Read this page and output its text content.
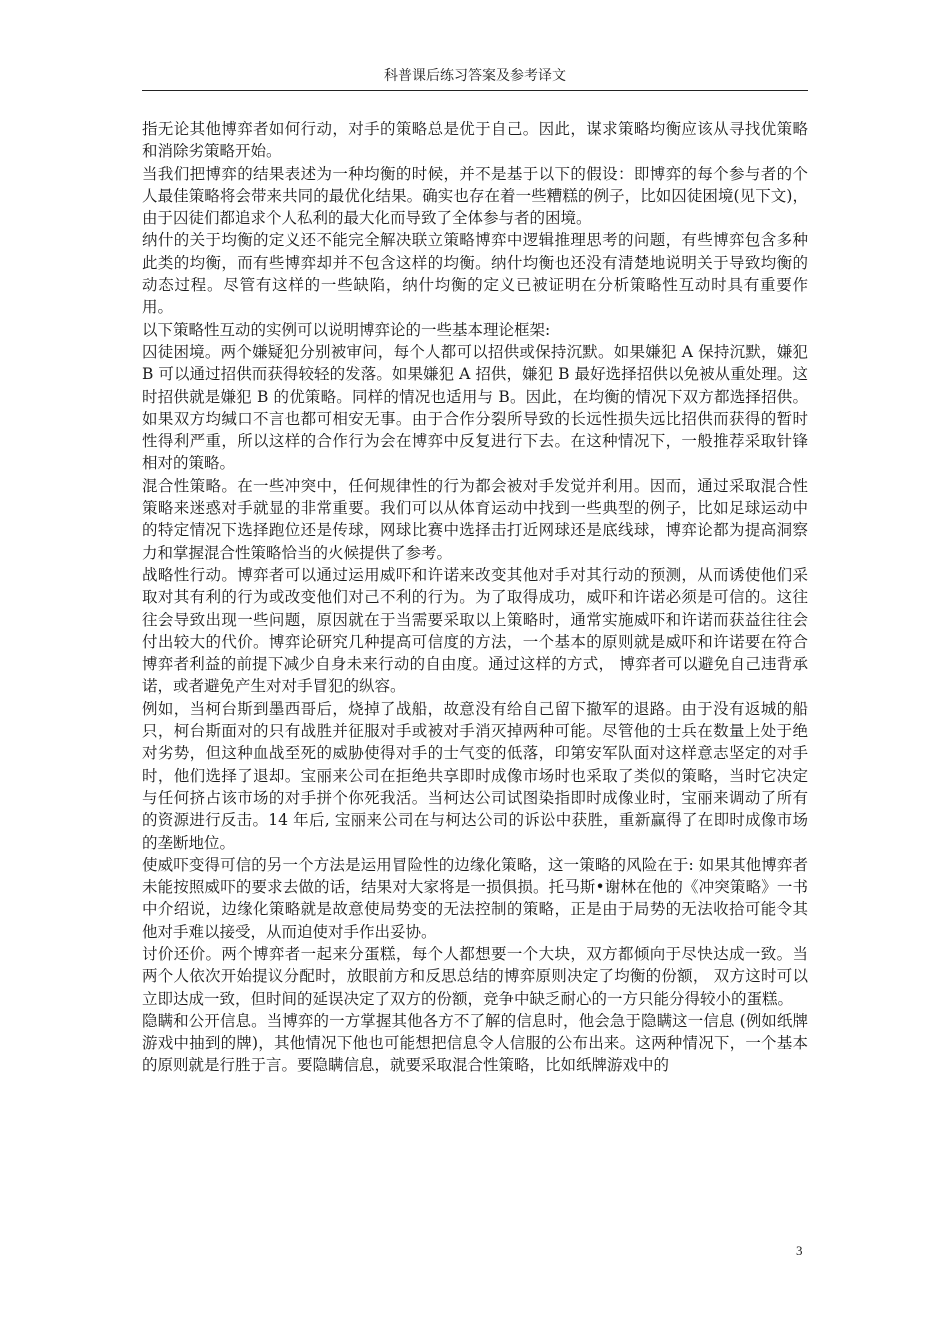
科普课后练习答案及参考译文

指无论其他博弈者如何行动，对手的策略总是优于自己。因此，谋求策略均衡应该从寻找优策略和消除劣策略开始。

当我们把博弈的结果表述为一种均衡的时候，并不是基于以下的假设：即博弈的每个参与者的个人最佳策略将会带来共同的最优化结果。确实也存在着一些糟糕的例子，比如囚徒困境(见下文)，由于囚徒们都追求个人私利的最大化而导致了全体参与者的困境。

纳什的关于均衡的定义还不能完全解决联立策略博弈中逻辑推理思考的问题，有些博弈包含多种此类的均衡，而有些博弈却并不包含这样的均衡。纳什均衡也还没有清楚地说明关于导致均衡的动态过程。尽管有这样的一些缺陷，纳什均衡的定义已被证明在分析策略性互动时具有重要作用。

以下策略性互动的实例可以说明博弈论的一些基本理论框架:

囚徒困境。两个嫌疑犯分别被审问，每个人都可以招供或保持沉默。如果嫌犯 A 保持沉默，嫌犯 B 可以通过招供而获得较轻的发落。如果嫌犯 A 招供，嫌犯 B 最好选择招供以免被从重处理。这时招供就是嫌犯 B 的优策略。同样的情况也适用与 B。因此，在均衡的情况下双方都选择招供。如果双方均缄口不言也都可相安无事。由于合作分裂所导致的长远性损失远比招供而获得的暂时性得利严重，所以这样的合作行为会在博弈中反复进行下去。在这种情况下，一般推荐采取针锋相对的策略。

混合性策略。在一些冲突中，任何规律性的行为都会被对手发觉并利用。因而，通过采取混合性策略来迷惑对手就显的非常重要。我们可以从体育运动中找到一些典型的例子，比如足球运动中的特定情况下选择跑位还是传球，网球比赛中选择击打近网球还是底线球，博弈论都为提高洞察力和掌握混合性策略恰当的火候提供了参考。

战略性行动。博弈者可以通过运用威吓和许诺来改变其他对手对其行动的预测，从而诱使他们采取对其有利的行为或改变他们对己不利的行为。为了取得成功，威吓和许诺必须是可信的。这往往会导致出现一些问题，原因就在于当需要采取以上策略时，通常实施威吓和许诺而获益往往会付出较大的代价。博弈论研究几种提高可信度的方法，一个基本的原则就是威吓和许诺要在符合博弈者利益的前提下减少自身未来行动的自由度。通过这样的方式， 博弈者可以避免自己违背承诺，或者避免产生对对手冒犯的纵容。

例如，当柯台斯到墨西哥后，烧掉了战船，故意没有给自己留下撤军的退路。由于没有返城的船只，柯台斯面对的只有战胜并征服对手或被对手消灭掉两种可能。尽管他的士兵在数量上处于绝对劣势，但这种血战至死的威胁使得对手的士气变的低落，印第安军队面对这样意志坚定的对手时，他们选择了退却。宝丽来公司在拒绝共享即时成像市场时也采取了类似的策略，当时它决定与任何挤占该市场的对手拼个你死我活。当柯达公司试图染指即时成像业时，宝丽来调动了所有的资源进行反击。14 年后, 宝丽来公司在与柯达公司的诉讼中获胜，重新赢得了在即时成像市场的垄断地位。

使威吓变得可信的另一个方法是运用冒险性的边缘化策略，这一策略的风险在于: 如果其他博弈者未能按照威吓的要求去做的话，结果对大家将是一损俱损。托马斯•谢林在他的《冲突策略》一书中介绍说，边缘化策略就是故意使局势变的无法控制的策略，正是由于局势的无法收拾可能令其他对手难以接受，从而迫使对手作出妥协。

讨价还价。两个博弈者一起来分蛋糕，每个人都想要一个大块，双方都倾向于尽快达成一致。当两个人依次开始提议分配时，放眼前方和反思总结的博弈原则决定了均衡的份额， 双方这时可以立即达成一致，但时间的延误决定了双方的份额，竞争中缺乏耐心的一方只能分得较小的蛋糕。

隐瞒和公开信息。当博弈的一方掌握其他各方不了解的信息时，他会急于隐瞒这一信息 (例如纸牌游戏中抽到的牌)，其他情况下他也可能想把信息令人信服的公布出来。这两种情况下，一个基本的原则就是行胜于言。要隐瞒信息，就要采取混合性策略，比如纸牌游戏中的

3
